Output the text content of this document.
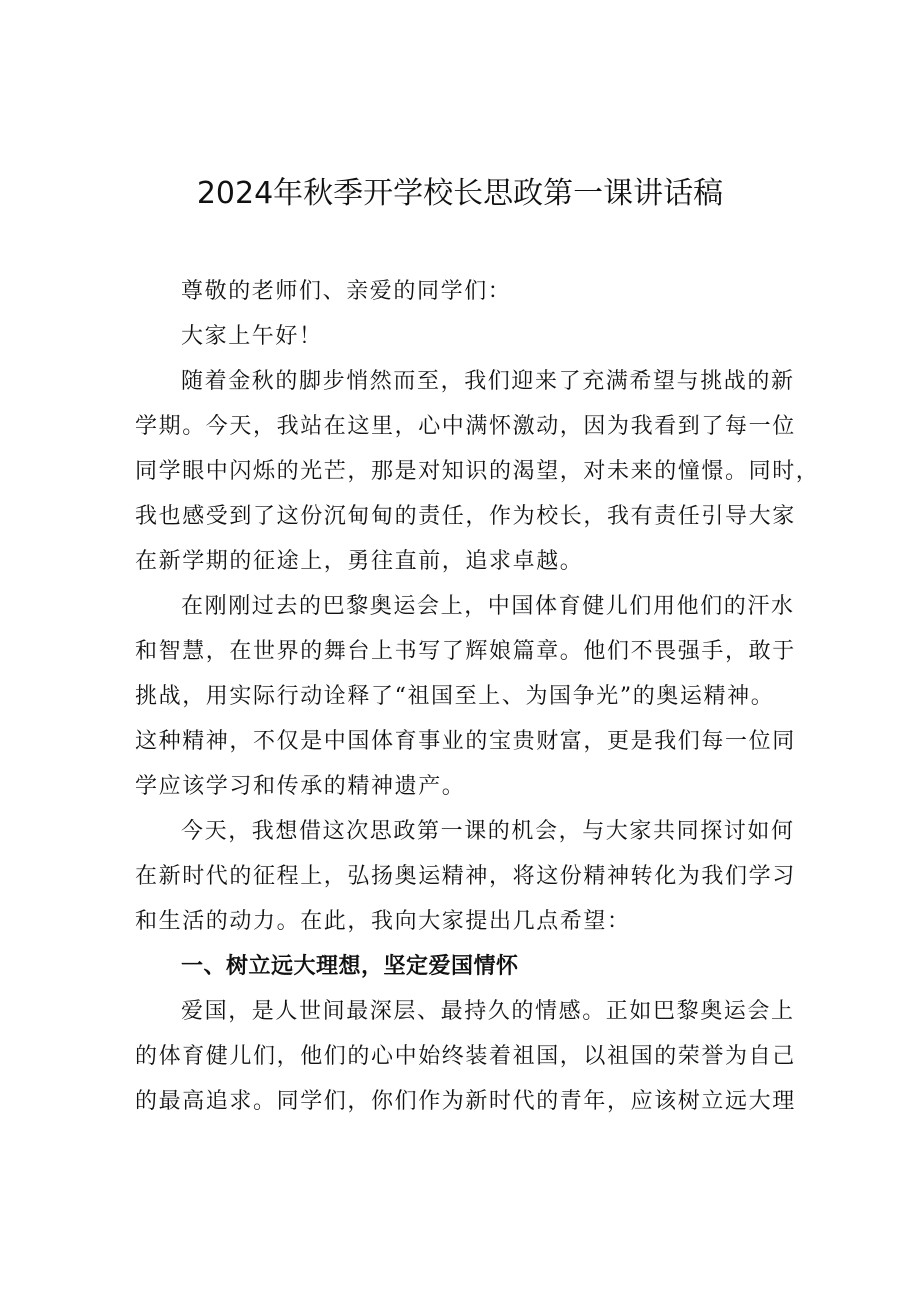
2024年秋季开学校长思政第一课讲话稿
尊敬的老师们、亲爱的同学们：
大家上午好！
随着金秋的脚步悄然而至，我们迎来了充满希望与挑战的新
学期。今天，我站在这里，心中满怀激动，因为我看到了每一位
同学眼中闪烁的光芒，那是对知识的渴望，对未来的憧憬。同时，
我也感受到了这份沉甸甸的责任，作为校长，我有责任引导大家
在新学期的征途上，勇往直前，追求卓越。
在刚刚过去的巴黎奥运会上，中国体育健儿们用他们的汗水
和智慧，在世界的舞台上书写了辉娘篇章。他们不畏强手，敢于
挑战，用实际行动诠释了“祖国至上、为国争光”的奥运精神。
这种精神，不仅是中国体育事业的宝贵财富，更是我们每一位同
学应该学习和传承的精神遗产。
今天，我想借这次思政第一课的机会，与大家共同探讨如何
在新时代的征程上，弘扬奥运精神，将这份精神转化为我们学习
和生活的动力。在此，我向大家提出几点希望：
一、树立远大理想，坚定爱国情怀
爱国，是人世间最深层、最持久的情感。正如巴黎奥运会上
的体育健儿们，他们的心中始终装着祖国，以祖国的荣誉为自己
的最高追求。同学们，你们作为新时代的青年，应该树立远大理
